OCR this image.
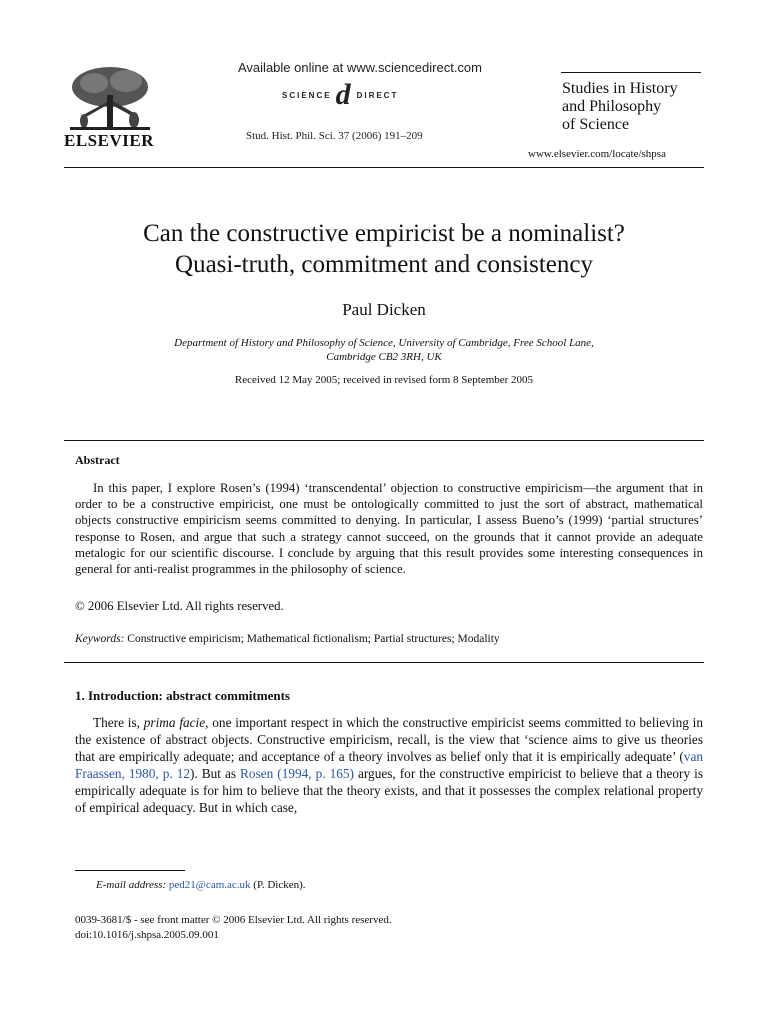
ELSEVIER
Available online at www.sciencedirect.com
SCIENCE d DIRECT
Stud. Hist. Phil. Sci. 37 (2006) 191–209
Studies in History
and Philosophy
of Science
www.elsevier.com/locate/shpsa
Can the constructive empiricist be a nominalist?
Quasi-truth, commitment and consistency
Paul Dicken
Department of History and Philosophy of Science, University of Cambridge, Free School Lane,
Cambridge CB2 3RH, UK
Received 12 May 2005; received in revised form 8 September 2005
Abstract

In this paper, I explore Rosen’s (1994) ‘transcendental’ objection to constructive empiricism—the argument that in order to be a constructive empiricist, one must be ontologically committed to just the sort of abstract, mathematical objects constructive empiricism seems committed to denying. In particular, I assess Bueno’s (1999) ‘partial structures’ response to Rosen, and argue that such a strategy cannot succeed, on the grounds that it cannot provide an adequate metalogic for our scientific discourse. I conclude by arguing that this result provides some interesting consequences in general for anti-realist programmes in the philosophy of science.

© 2006 Elsevier Ltd. All rights reserved.
Keywords: Constructive empiricism; Mathematical fictionalism; Partial structures; Modality
1. Introduction: abstract commitments

There is, prima facie, one important respect in which the constructive empiricist seems committed to believing in the existence of abstract objects. Constructive empiricism, recall, is the view that ‘science aims to give us theories that are empirically adequate; and acceptance of a theory involves as belief only that it is empirically adequate’ (van Fraassen, 1980, p. 12). But as Rosen (1994, p. 165) argues, for the constructive empiricist to believe that a theory is empirically adequate is for him to believe that the theory exists, and that it possesses the complex relational property of empirical adequacy. But in which case,

E-mail address: ped21@cam.ac.uk (P. Dicken).
0039-3681/$ - see front matter © 2006 Elsevier Ltd. All rights reserved.
doi:10.1016/j.shpsa.2005.09.001
